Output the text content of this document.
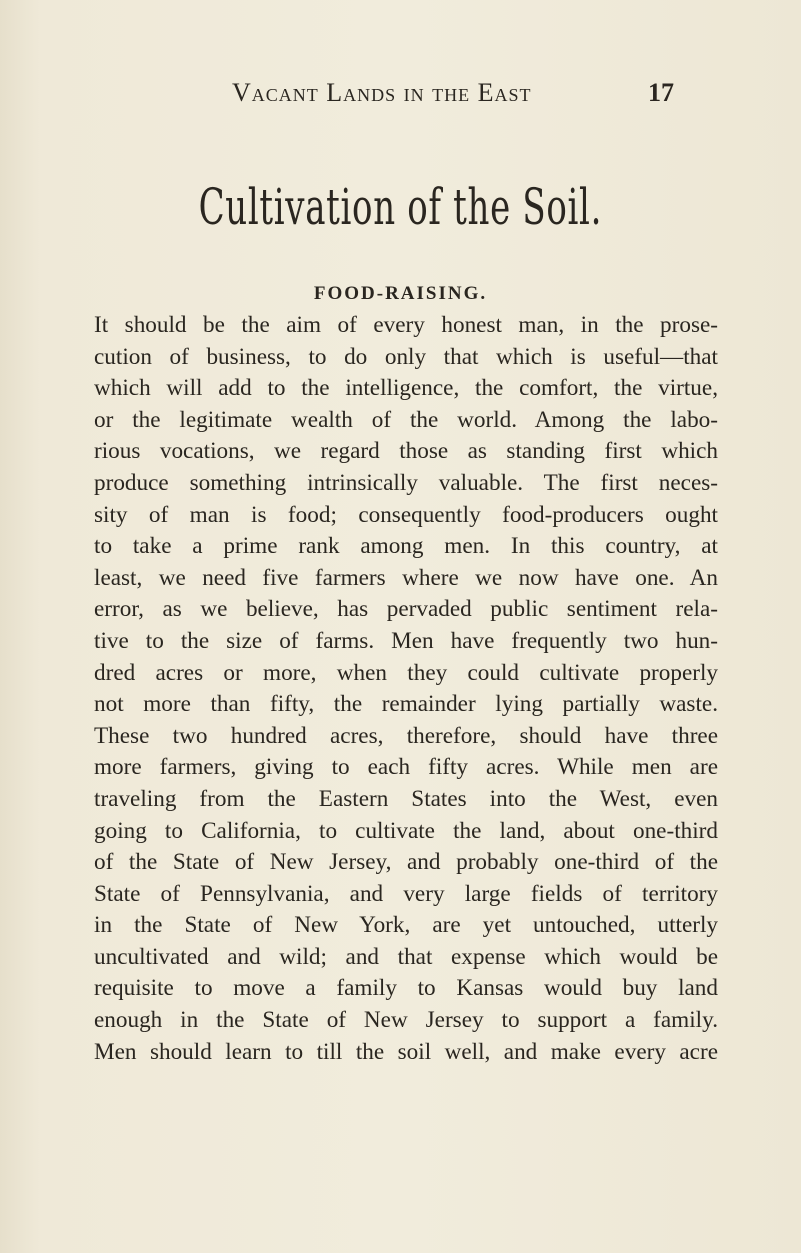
Vacant Lands in the East	17
Cultivation of the Soil.
FOOD-RAISING.
It should be the aim of every honest man, in the prose-
cution of business, to do only that which is useful—that
which will add to the intelligence, the comfort, the virtue,
or the legitimate wealth of the world. Among the labo-
rious vocations, we regard those as standing first which
produce something intrinsically valuable. The first neces-
sity of man is food; consequently food-producers ought
to take a prime rank among men. In this country, at
least, we need five farmers where we now have one. An
error, as we believe, has pervaded public sentiment rela-
tive to the size of farms. Men have frequently two hun-
dred acres or more, when they could cultivate properly
not more than fifty, the remainder lying partially waste.
These two hundred acres, therefore, should have three
more farmers, giving to each fifty acres. While men are
traveling from the Eastern States into the West, even
going to California, to cultivate the land, about one-third
of the State of New Jersey, and probably one-third of the
State of Pennsylvania, and very large fields of territory
in the State of New York, are yet untouched, utterly
uncultivated and wild; and that expense which would be
requisite to move a family to Kansas would buy land
enough in the State of New Jersey to support a family.
Men should learn to till the soil well, and make every acre
